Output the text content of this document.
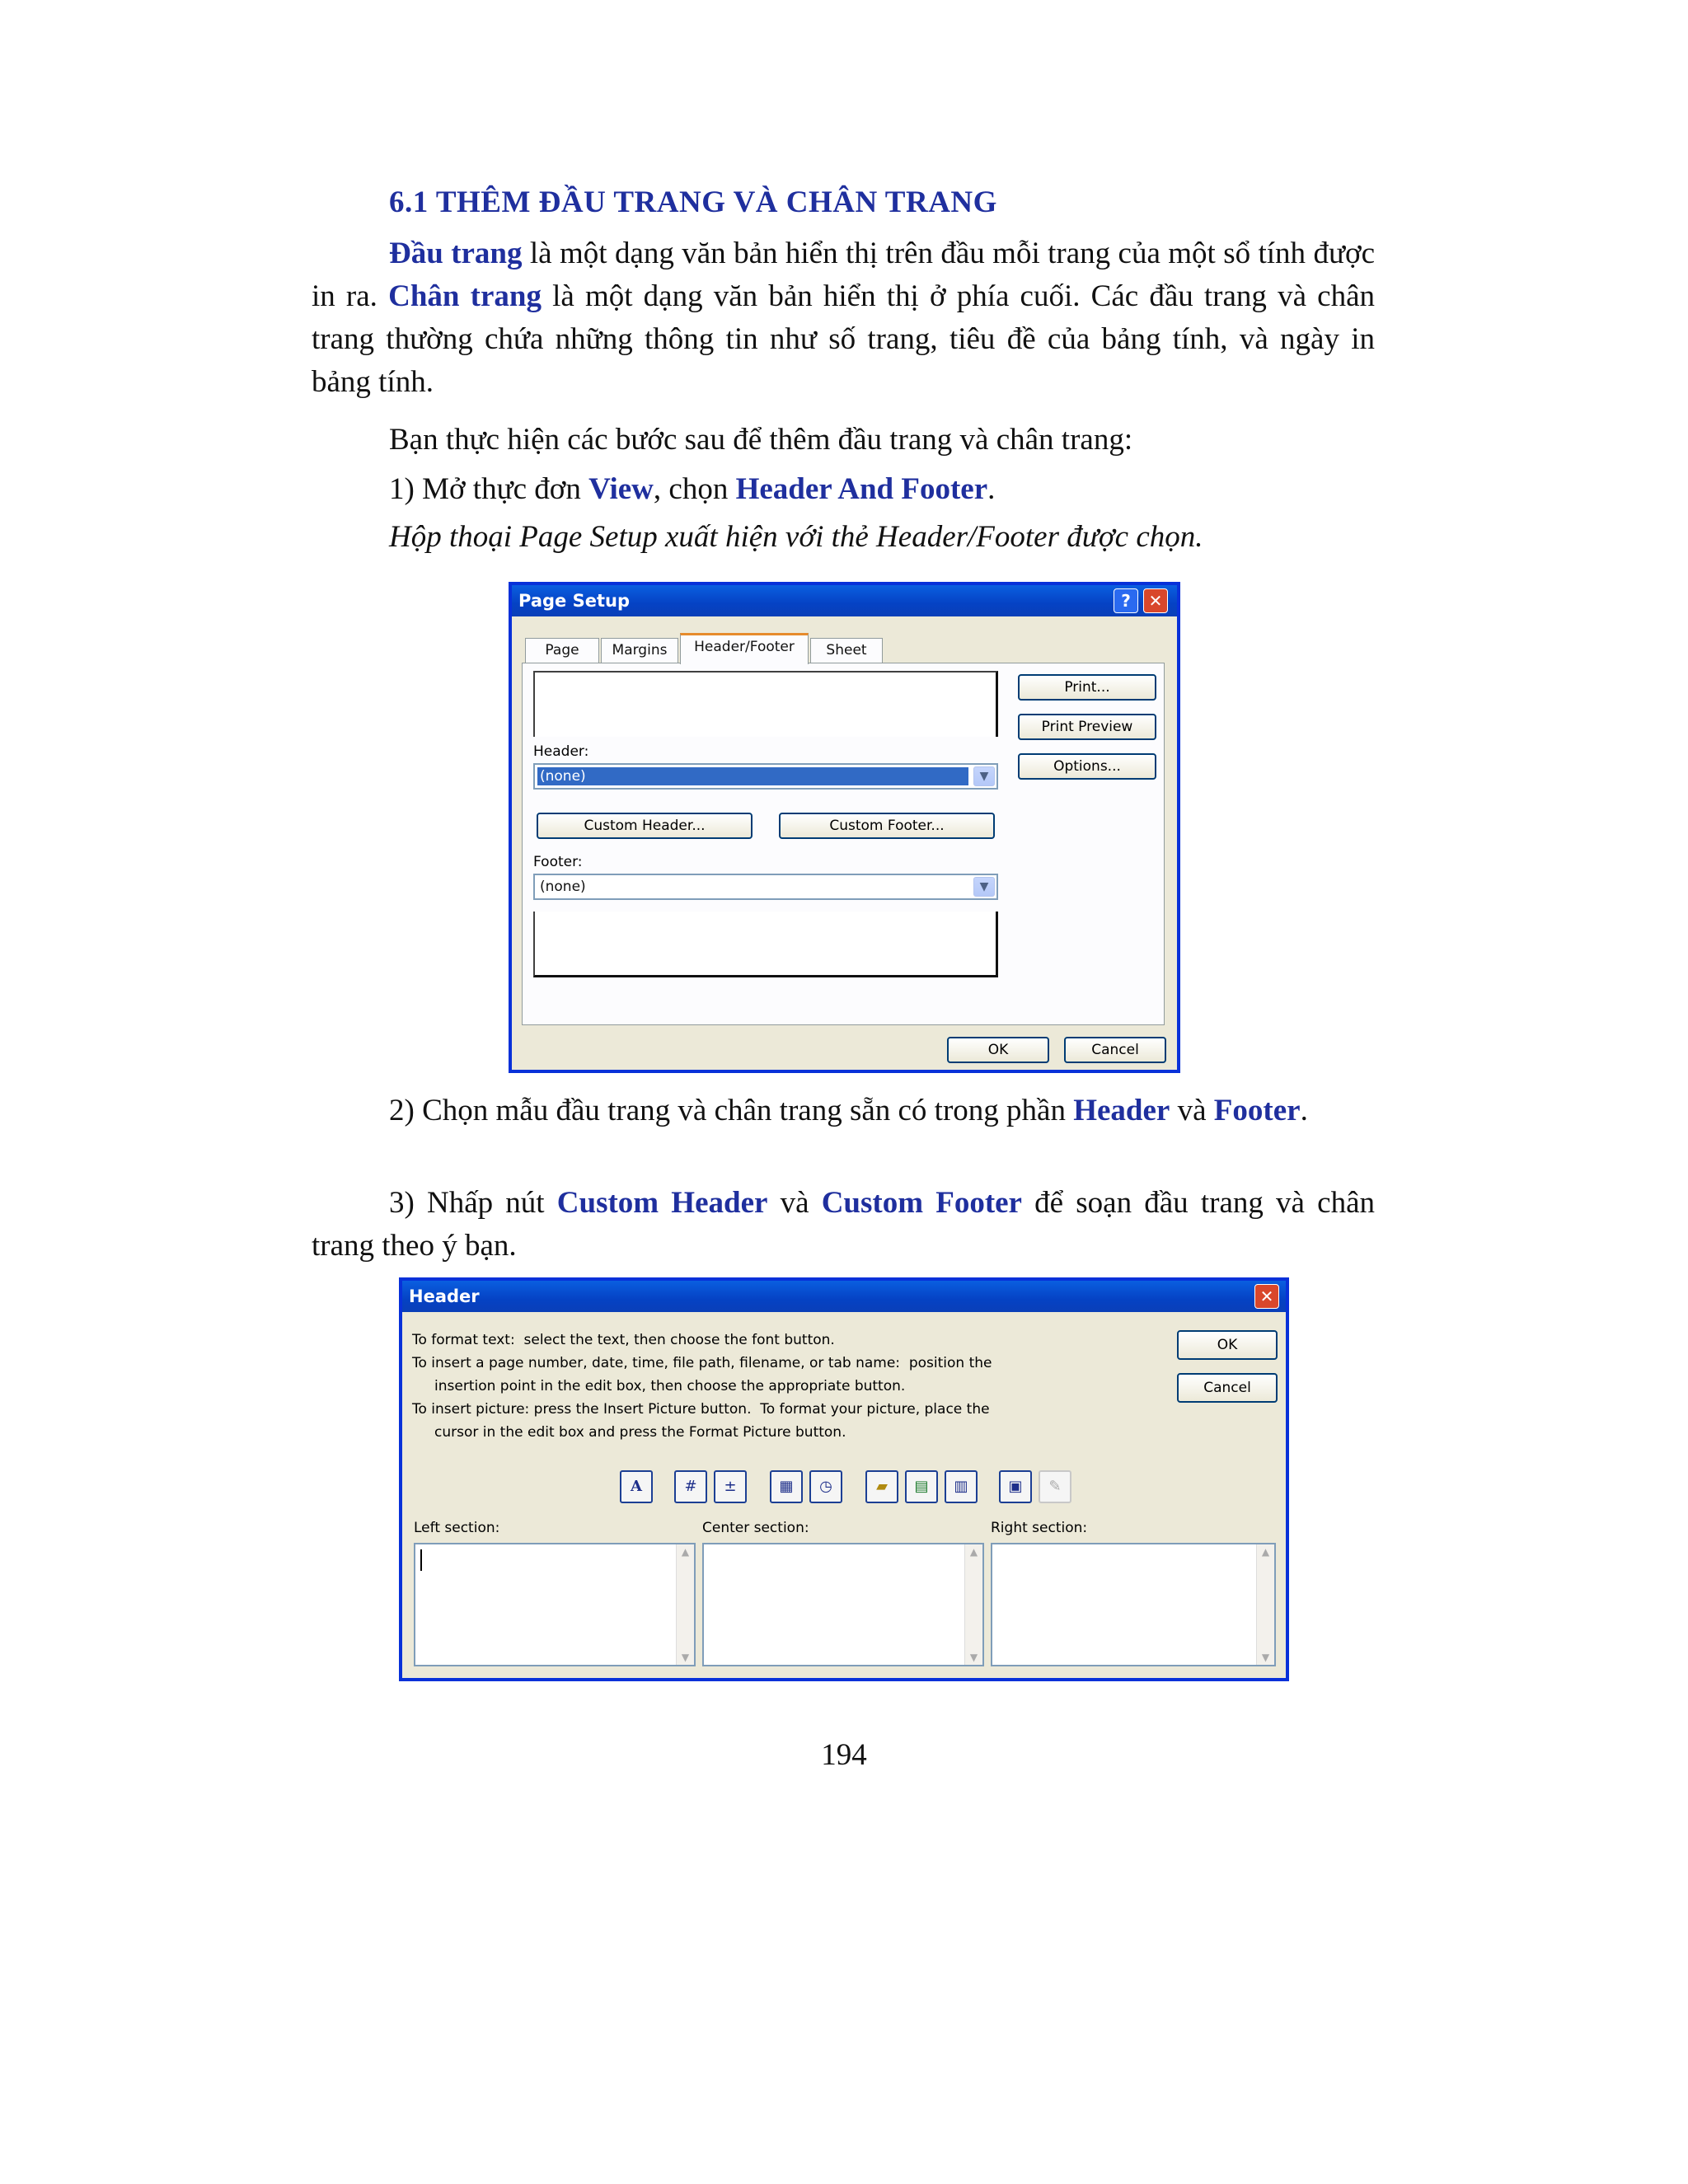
6.1 THÊM ĐẦU TRANG VÀ CHÂN TRANG

Đầu trang là một dạng văn bản hiển thị trên đầu mỗi trang của một sổ tính được in ra. Chân trang là một dạng văn bản hiển thị ở phía cuối. Các đầu trang và chân trang thường chứa những thông tin như số trang, tiêu đề của bảng tính, và ngày in bảng tính.

Bạn thực hiện các bước sau để thêm đầu trang và chân trang:

1) Mở thực đơn View, chọn Header And Footer.

Hộp thoại Page Setup xuất hiện với thẻ Header/Footer được chọn.

Page Setup	?	✕
Page	Margins	Header/Footer	Sheet
Header:
(none)	▼
Custom Header...	Custom Footer...
Footer:
(none)	▼
Print...
Print Preview
Options...
OK	Cancel

2) Chọn mẫu đầu trang và chân trang sẵn có trong phần Header và Footer.

3) Nhấp nút Custom Header và Custom Footer để soạn đầu trang và chân trang theo ý bạn.

Header	✕
To format text:  select the text, then choose the font button.
To insert a page number, date, time, file path, filename, or tab name:  position the
insertion point in the edit box, then choose the appropriate button.
To insert picture: press the Insert Picture button.  To format your picture, place the
cursor in the edit box and press the Format Picture button.
OK
Cancel
A	#	±	▦	◷	▰	▤	▥	▣	✎
Left section:	Center section:	Right section:
▲
▼
▲
▼
▲
▼
194
